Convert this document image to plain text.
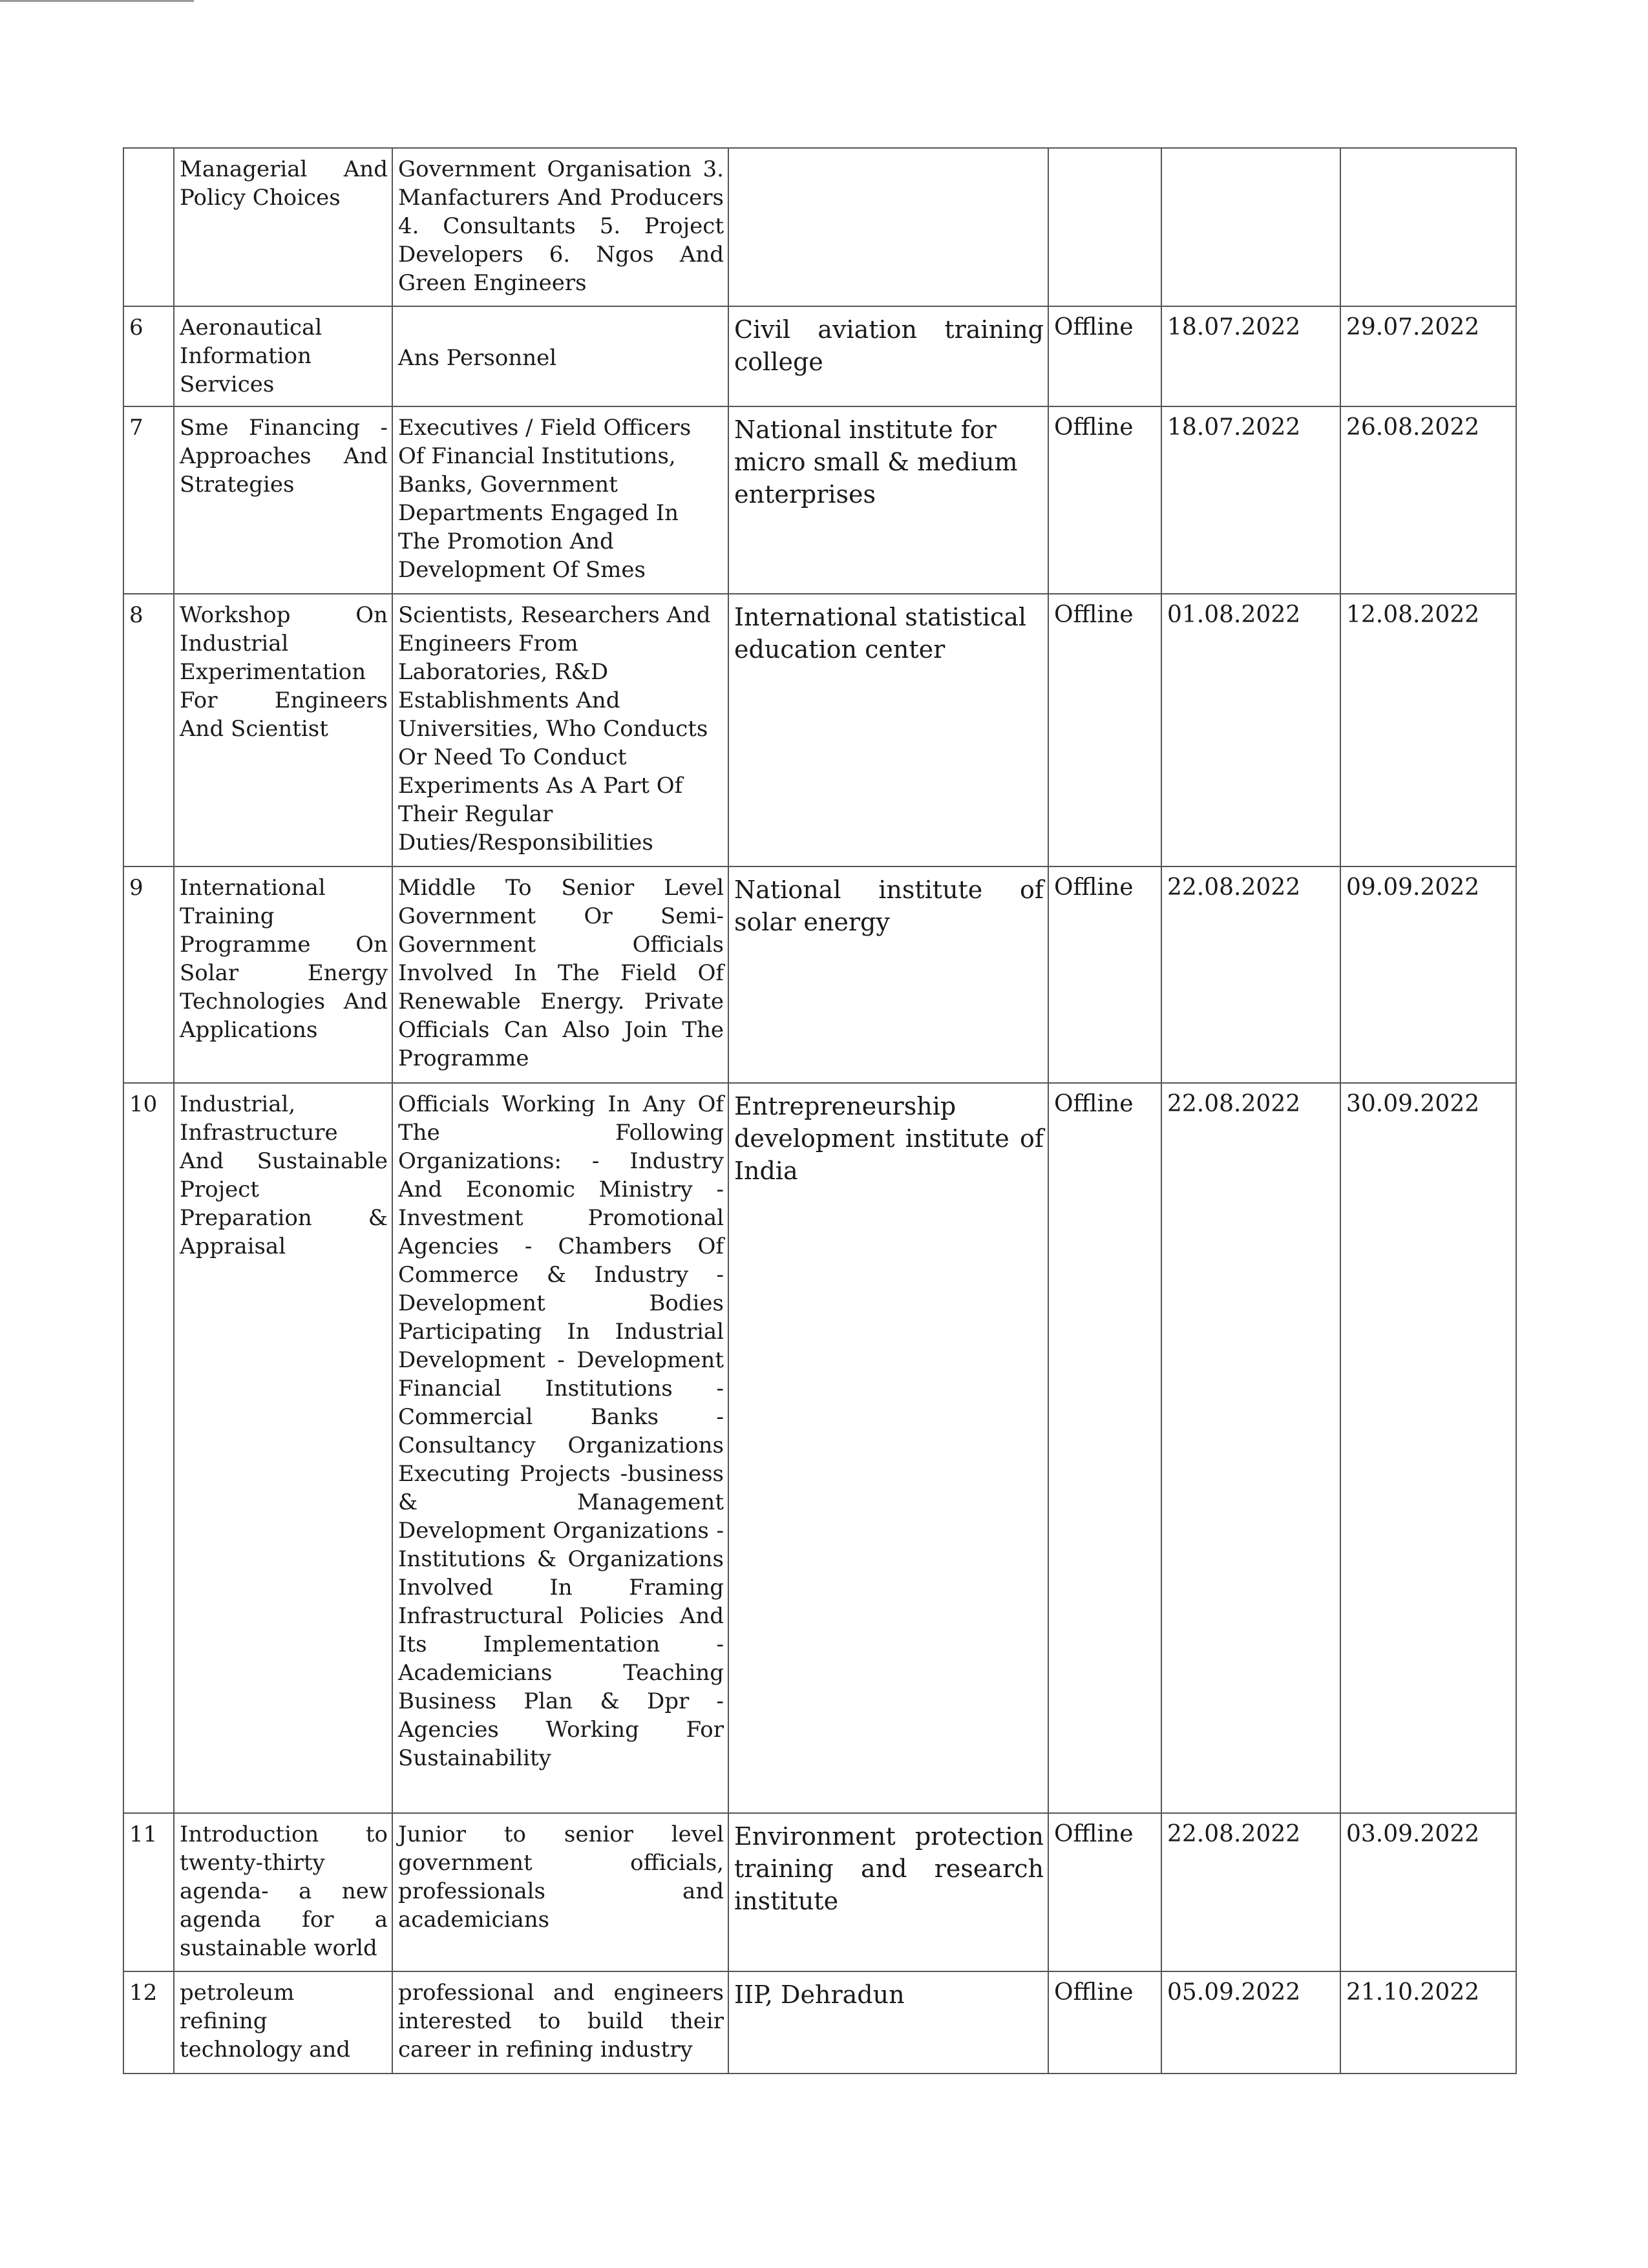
	Managerial And Policy Choices	Government Organisation 3. Manfacturers And Producers 4. Consultants 5. Project Developers 6. Ngos And Green Engineers				
6	Aeronautical Information Services	Ans Personnel	Civil aviation training college	Offline	18.07.2022	29.07.2022
7	Sme Financing - Approaches And Strategies	Executives / Field Officers Of Financial Institutions, Banks, Government Departments Engaged In The Promotion And Development Of Smes	National institute for micro small & medium enterprises	Offline	18.07.2022	26.08.2022
8	Workshop On Industrial Experimentation For Engineers And Scientist	Scientists, Researchers And Engineers From Laboratories, R&D Establishments And Universities, Who Conducts Or Need To Conduct Experiments As A Part Of Their Regular Duties/Responsibilities	International statistical education center	Offline	01.08.2022	12.08.2022
9	International Training Programme On Solar Energy Technologies And Applications	Middle To Senior Level Government Or Semi-Government Officials Involved In The Field Of Renewable Energy. Private Officials Can Also Join The Programme	National institute of solar energy	Offline	22.08.2022	09.09.2022
10	Industrial, Infrastructure And Sustainable Project Preparation & Appraisal	Officials Working In Any Of The Following Organizations: - Industry And Economic Ministry - Investment Promotional Agencies - Chambers Of Commerce & Industry - Development Bodies Participating In Industrial Development - Development Financial Institutions - Commercial Banks - Consultancy Organizations Executing Projects -business & Management Development Organizations - Institutions & Organizations Involved In Framing Infrastructural Policies And Its Implementation - Academicians Teaching Business Plan & Dpr - Agencies Working For Sustainability	Entrepreneurship development institute of India	Offline	22.08.2022	30.09.2022
11	Introduction to twenty-thirty agenda- a new agenda for a sustainable world	Junior to senior level government officials, professionals and academicians	Environment protection training and research institute	Offline	22.08.2022	03.09.2022
12	petroleum refining technology and	professional and engineers interested to build their career in refining industry	IIP, Dehradun	Offline	05.09.2022	21.10.2022
